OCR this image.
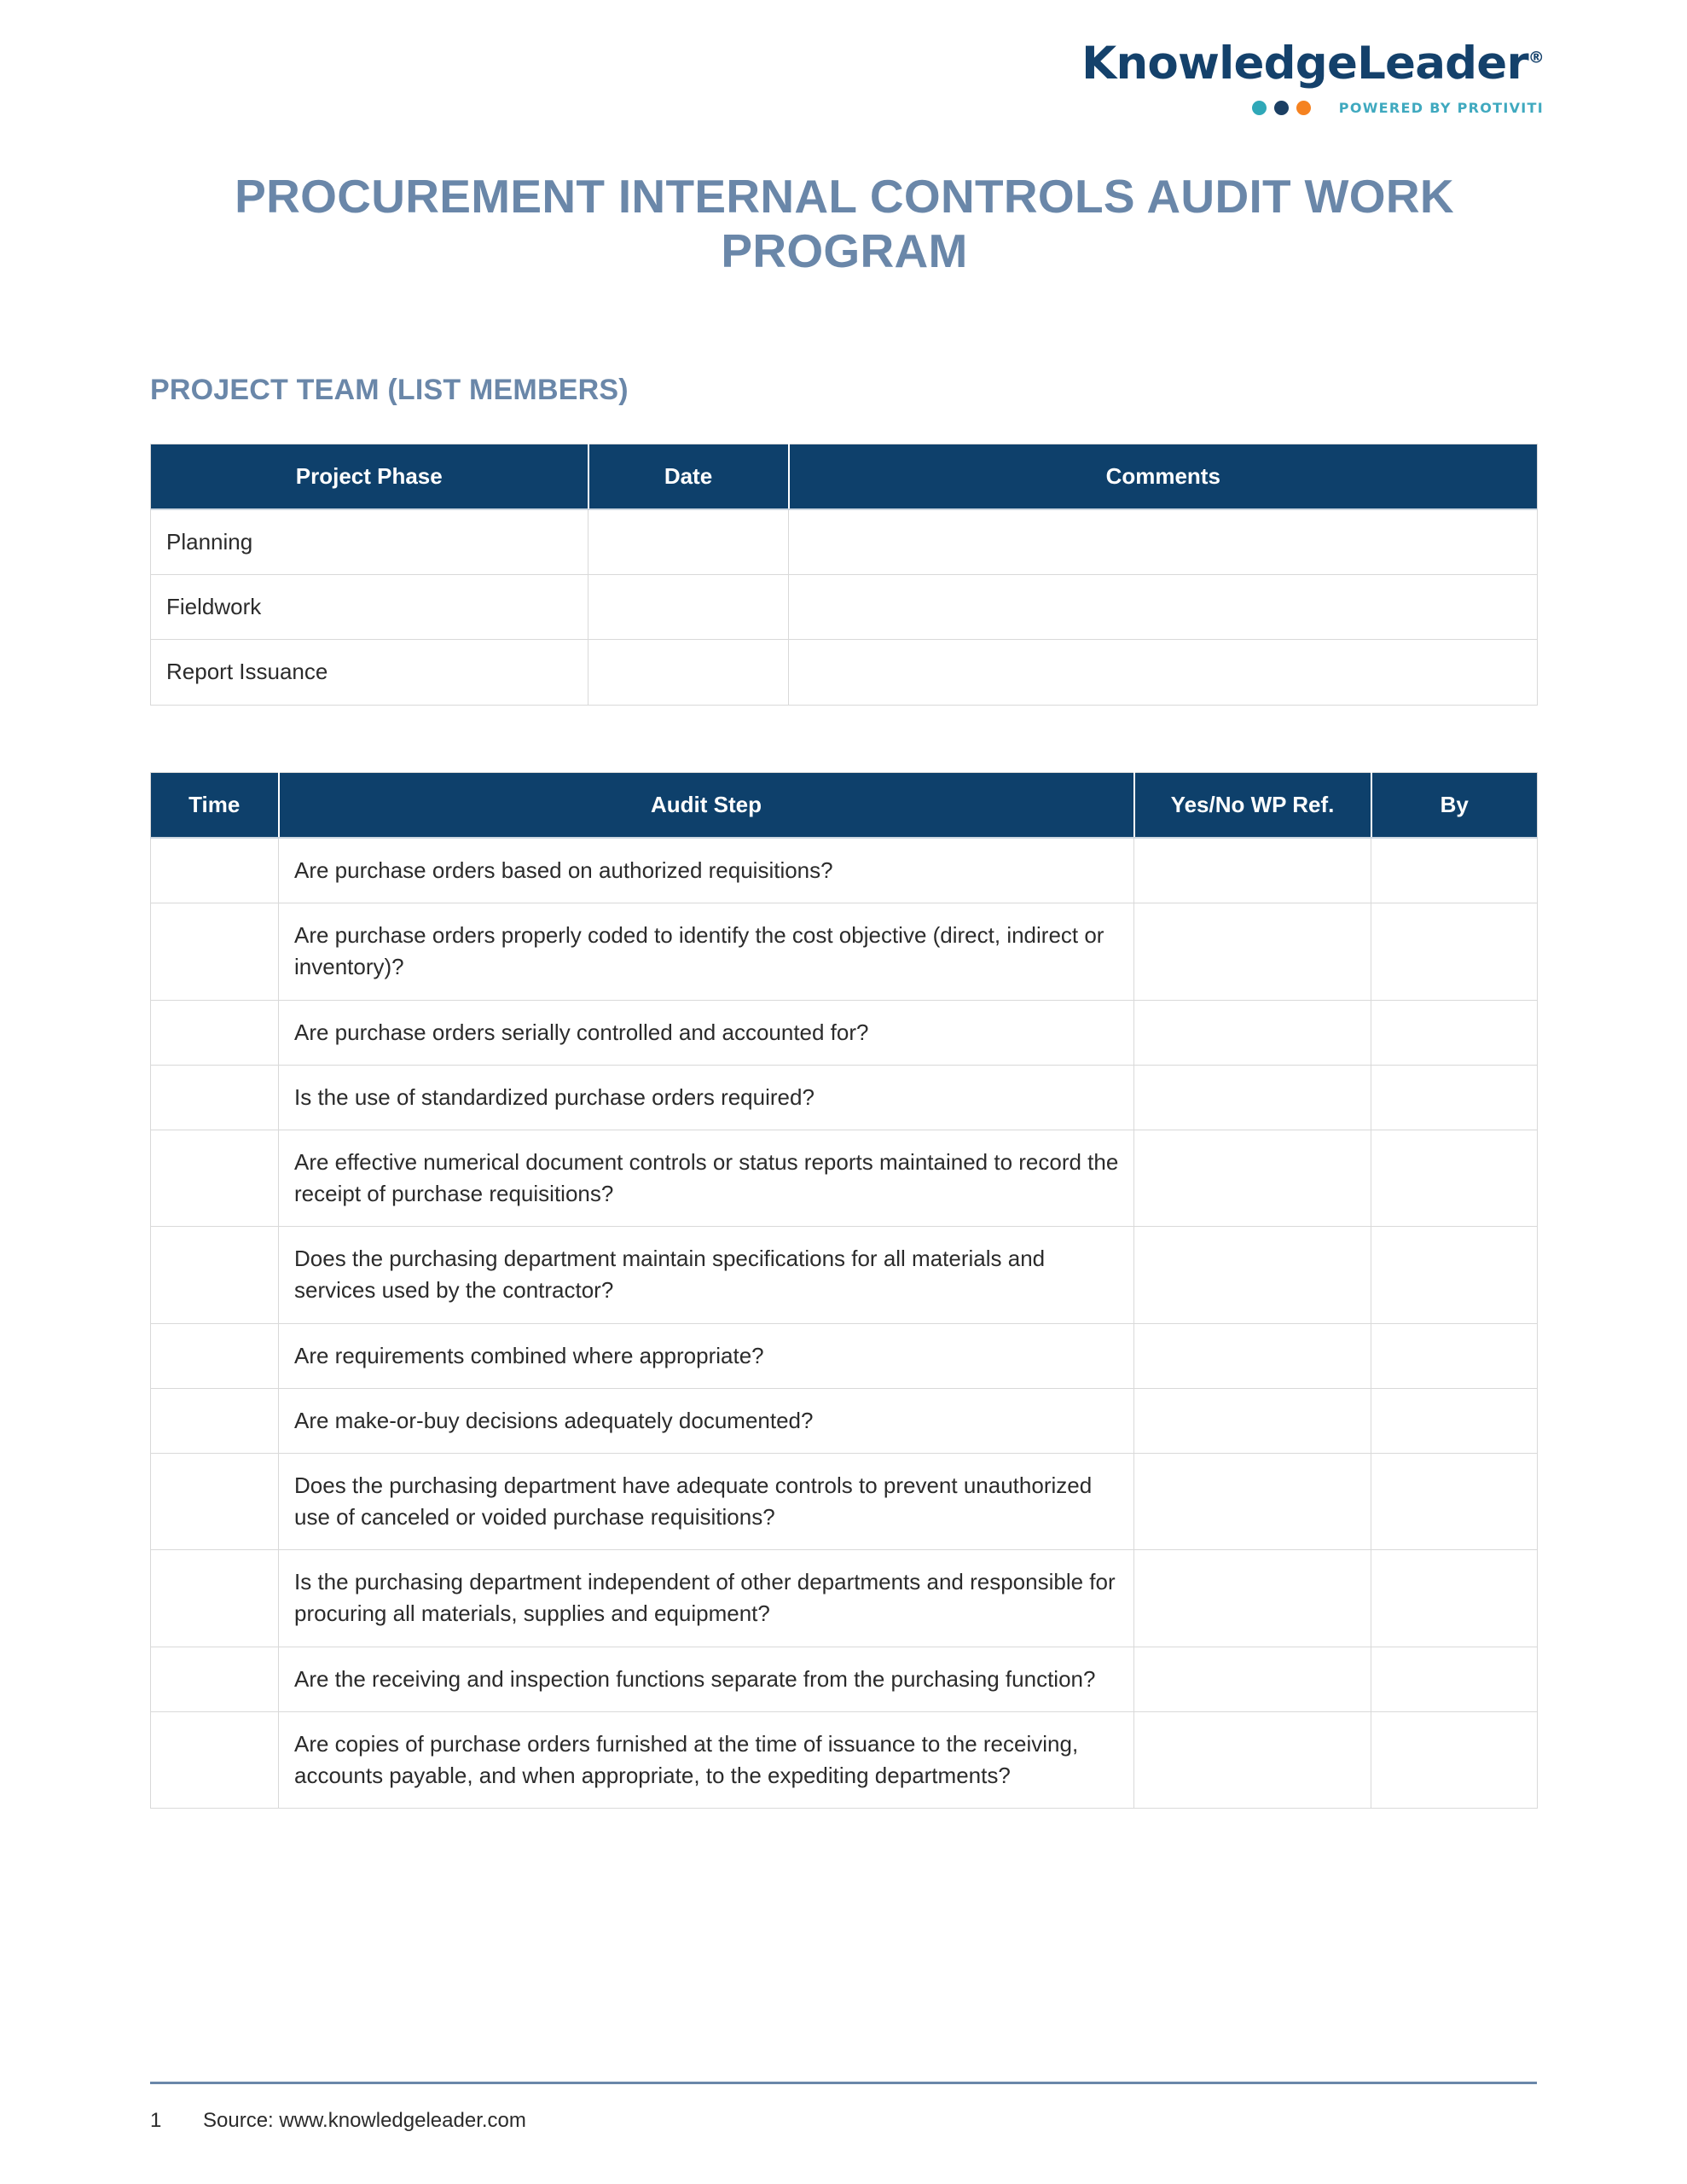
KnowledgeLeader®
POWERED BY PROTIVITI
PROCUREMENT INTERNAL CONTROLS AUDIT WORK PROGRAM
PROJECT TEAM (LIST MEMBERS)
Project Phase	Date	Comments
Planning		
Fieldwork		
Report Issuance		
Time	Audit Step	Yes/No WP Ref.	By
	Are purchase orders based on authorized requisitions?		
	Are purchase orders properly coded to identify the cost objective (direct, indirect or inventory)?		
	Are purchase orders serially controlled and accounted for?		
	Is the use of standardized purchase orders required?		
	Are effective numerical document controls or status reports maintained to record the receipt of purchase requisitions?		
	Does the purchasing department maintain specifications for all materials and services used by the contractor?		
	Are requirements combined where appropriate?		
	Are make-or-buy decisions adequately documented?		
	Does the purchasing department have adequate controls to prevent unauthorized use of canceled or voided purchase requisitions?		
	Is the purchasing department independent of other departments and responsible for procuring all materials, supplies and equipment?		
	Are the receiving and inspection functions separate from the purchasing function?		
	Are copies of purchase orders furnished at the time of issuance to the receiving, accounts payable, and when appropriate, to the expediting departments?		
1	Source: www.knowledgeleader.com
